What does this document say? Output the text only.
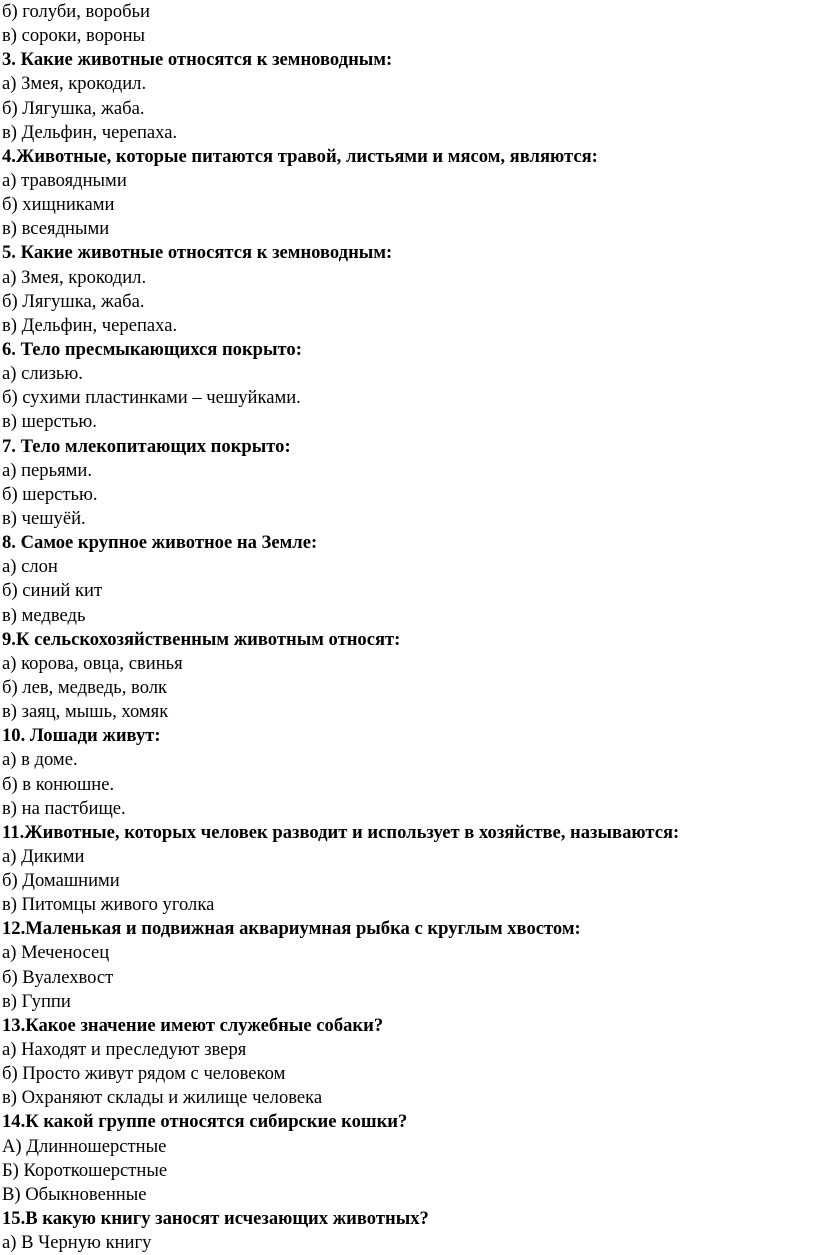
б) голуби, воробьи
в) сороки, вороны
3. Какие животные относятся к земноводным:
а) Змея, крокодил.
б) Лягушка, жаба.
в) Дельфин, черепаха.
4.Животные, которые питаются травой, листьями и мясом, являются:
а) травоядными
б) хищниками
в) всеядными
5. Какие животные относятся к земноводным:
а) Змея, крокодил.
б) Лягушка, жаба.
в) Дельфин, черепаха.
6. Тело пресмыкающихся покрыто:
а) слизью.
б) сухими пластинками – чешуйками.
в) шерстью.
7. Тело млекопитающих покрыто:
а) перьями.
б) шерстью.
в) чешуёй.
8. Самое крупное животное на Земле:
а) слон
б) синий кит
в) медведь
9.К сельскохозяйственным животным относят:
а) корова, овца, свинья
б) лев, медведь, волк
в) заяц, мышь, хомяк
10. Лошади живут:
а) в доме.
б) в конюшне.
в) на пастбище.
11.Животные, которых человек разводит и использует в хозяйстве, называются:
а) Дикими
б) Домашними
в) Питомцы живого уголка
12.Маленькая и подвижная аквариумная рыбка с круглым хвостом:
а) Меченосец
б) Вуалехвост
в) Гуппи
13.Какое значение имеют служебные собаки?
а) Находят и преследуют зверя
б) Просто живут рядом с человеком
в) Охраняют склады и жилище человека
14.К какой группе относятся сибирские кошки?
А) Длинношерстные
Б) Короткошерстные
В) Обыкновенные
15.В какую книгу заносят исчезающих животных?
а) В Черную книгу
